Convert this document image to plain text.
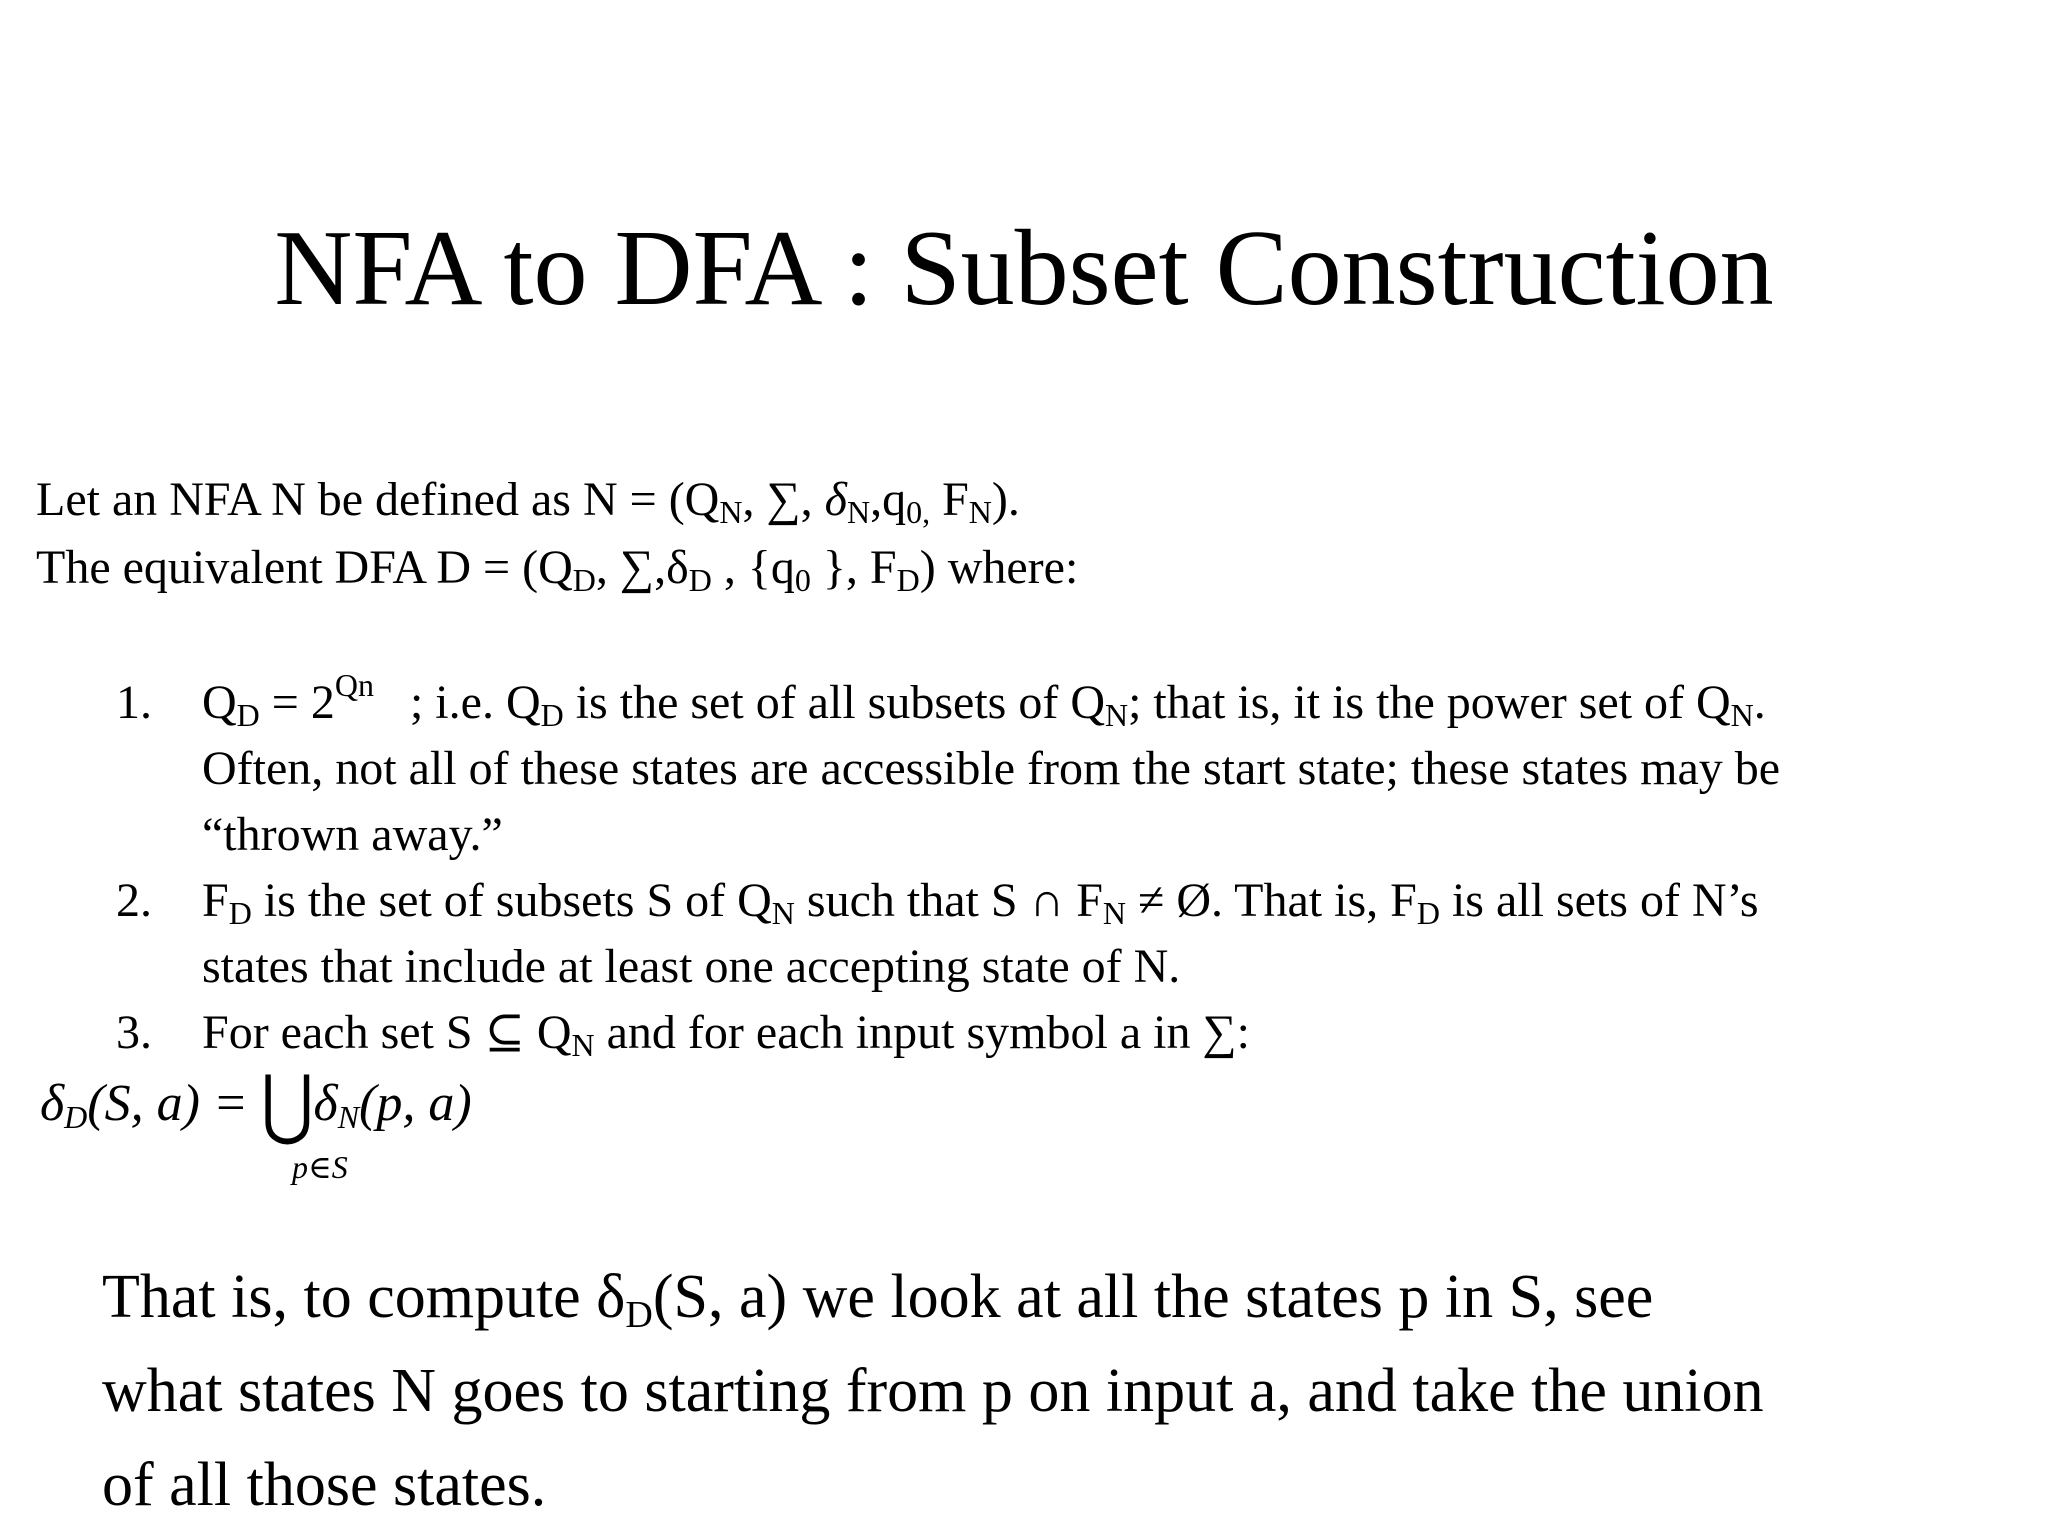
NFA to DFA : Subset Construction
Let an NFA N be defined as $N = (Q_N$, ∑, $\delta_N,q_{0,}$ $F_N$).
The equivalent DFA $D = (Q_D$, $\sum,\delta_D$ , {$q_0$ }, $F_D$) where:
1. $Q_D = 2^{Qn}$   ; i.e. $Q_D$ is the set of all subsets of $Q_N$; that is, it is the power set of $Q_N$.
Often, not all of these states are accessible from the start state; these states may be
“thrown away.”
2. $F_D$ is the set of subsets S of $Q_N$ such that S ∩ $F_N$ ≠ Ø. That is, $F_D$ is all sets of N’s
states that include at least one accepting state of N.
3. For each set S ⊆ $Q_N$ and for each input symbol a in ∑:
$\delta_D(S$, $a) = ⋃\delta_N(p$, a)
p∈S
That is, to compute $\delta_D(S$, a) we look at all the states p in S, see
what states N goes to starting from p on input a, and take the union
of all those states.
